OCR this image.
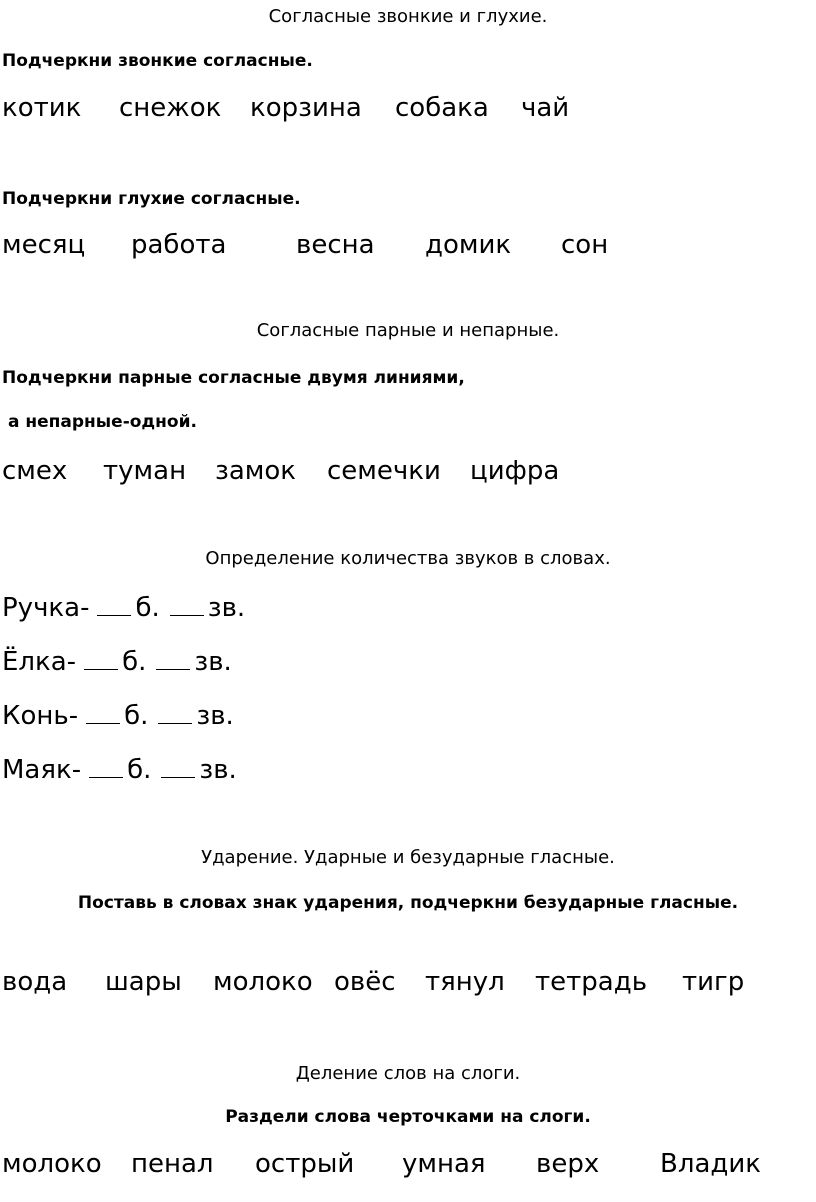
Согласные звонкие и глухие.
Подчеркни звонкие согласные.
котик снежок корзина собака чай
Подчеркни глухие согласные.
месяц работа	весна домик сон
Согласные парные и непарные.
Подчеркни парные согласные двумя линиями,
а непарные-одной.
смех туман замок семечки цифра
Определение количества звуков в словах.
Ручка- б. зв.
Ёлка- б. зв.
Конь- б. зв.
Маяк- б. зв.
Ударение. Ударные и безударные гласные.
Поставь в словах знак ударения, подчеркни безударные гласные.
вода шары молоко овёс тянул тетрадь тигр
Деление слов на слоги.
Раздели слова черточками на слоги.
молоко пенал острый умная верх Владик
